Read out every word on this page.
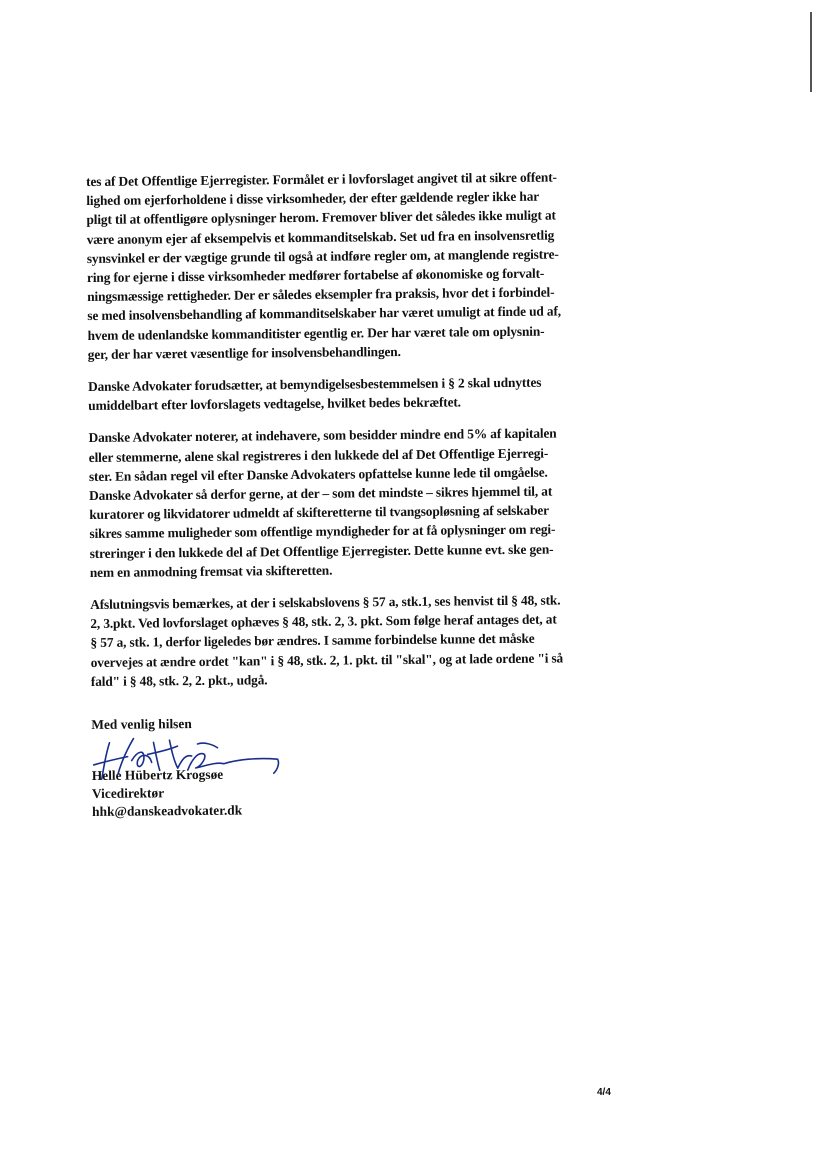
tes af Det Offentlige Ejerregister. Formålet er i lovforslaget angivet til at sikre offent-
lighed om ejerforholdene i disse virksomheder, der efter gældende regler ikke har
pligt til at offentligøre oplysninger herom. Fremover bliver det således ikke muligt at
være anonym ejer af eksempelvis et kommanditselskab. Set ud fra en insolvensretlig
synsvinkel er der vægtige grunde til også at indføre regler om, at manglende registre-
ring for ejerne i disse virksomheder medfører fortabelse af økonomiske og forvalt-
ningsmæssige rettigheder. Der er således eksempler fra praksis, hvor det i forbindel-
se med insolvensbehandling af kommanditselskaber har været umuligt at finde ud af,
hvem de udenlandske kommanditister egentlig er. Der har været tale om oplysnin-
ger, der har været væsentlige for insolvensbehandlingen.

Danske Advokater forudsætter, at bemyndigelsesbestemmelsen i § 2 skal udnyttes
umiddelbart efter lovforslagets vedtagelse, hvilket bedes bekræftet.

Danske Advokater noterer, at indehavere, som besidder mindre end 5% af kapitalen
eller stemmerne, alene skal registreres i den lukkede del af Det Offentlige Ejerregi-
ster. En sådan regel vil efter Danske Advokaters opfattelse kunne lede til omgåelse.
Danske Advokater så derfor gerne, at der – som det mindste – sikres hjemmel til, at
kuratorer og likvidatorer udmeldt af skifteretterne til tvangsopløsning af selskaber
sikres samme muligheder som offentlige myndigheder for at få oplysninger om regi-
streringer i den lukkede del af Det Offentlige Ejerregister. Dette kunne evt. ske gen-
nem en anmodning fremsat via skifteretten.

Afslutningsvis bemærkes, at der i selskabslovens § 57 a, stk.1, ses henvist til § 48, stk.
2, 3.pkt. Ved lovforslaget ophæves § 48, stk. 2, 3. pkt. Som følge heraf antages det, at
§ 57 a, stk. 1, derfor ligeledes bør ændres. I samme forbindelse kunne det måske
overvejes at ændre ordet "kan" i § 48, stk. 2, 1. pkt. til "skal", og at lade ordene "i så
fald" i § 48, stk. 2, 2. pkt., udgå.

Med venlig hilsen
Helle Hübertz Krogsøe
Vicedirektør
hhk@danskeadvokater.dk
4/4
